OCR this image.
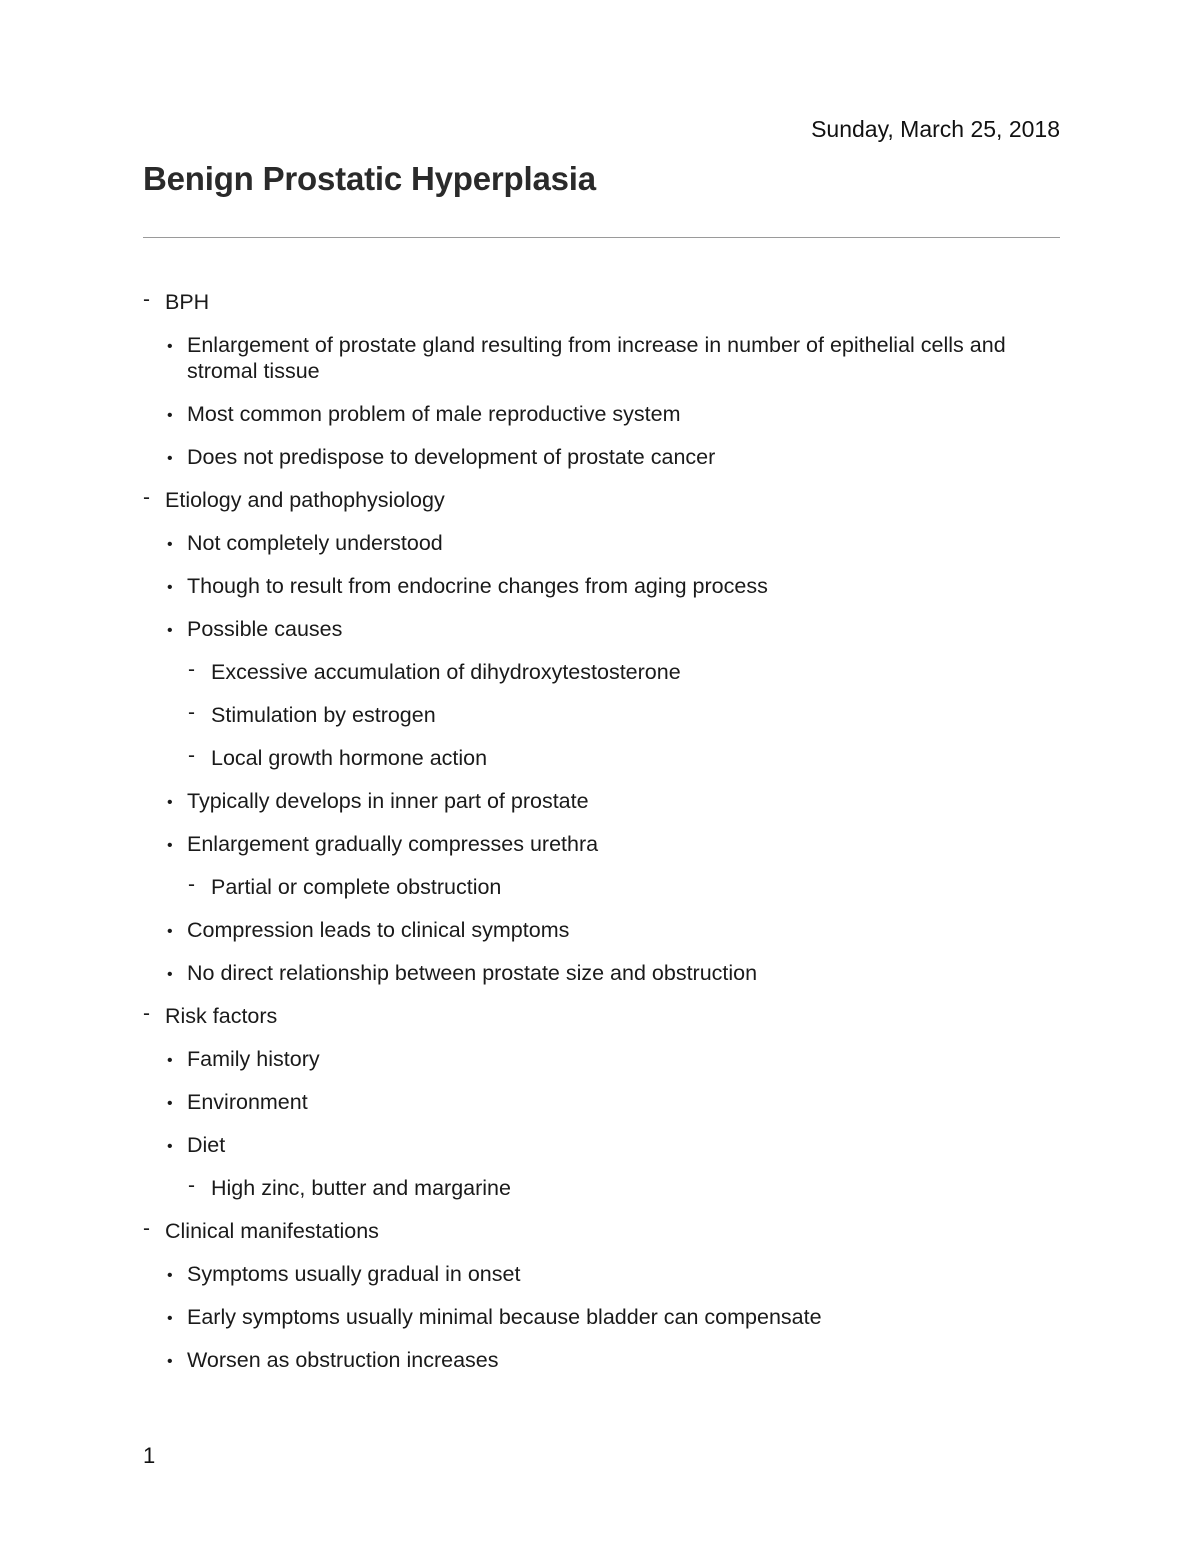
Sunday, March 25, 2018
Benign Prostatic Hyperplasia
- BPH
• Enlargement of prostate gland resulting from increase in number of epithelial cells and stromal tissue
• Most common problem of male reproductive system
• Does not predispose to development of prostate cancer
- Etiology and pathophysiology
• Not completely understood
• Though to result from endocrine changes from aging process
• Possible causes
- Excessive accumulation of dihydroxytestosterone
- Stimulation by estrogen
- Local growth hormone action
• Typically develops in inner part of prostate
• Enlargement gradually compresses urethra
- Partial or complete obstruction
• Compression leads to clinical symptoms
• No direct relationship between prostate size and obstruction
- Risk factors
• Family history
• Environment
• Diet
- High zinc, butter and margarine
- Clinical manifestations
• Symptoms usually gradual in onset
• Early symptoms usually minimal because bladder can compensate
• Worsen as obstruction increases
1
